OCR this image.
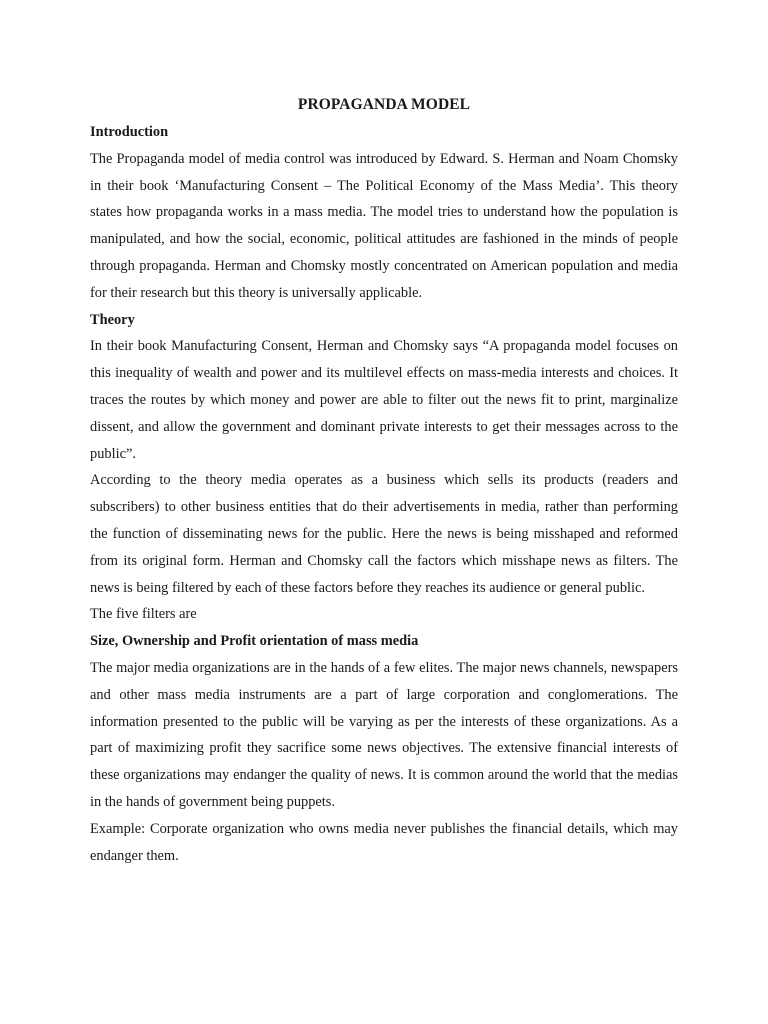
PROPAGANDA MODEL
Introduction

The Propaganda model of media control was introduced by Edward. S. Herman and Noam Chomsky in their book ‘Manufacturing Consent – The Political Economy of the Mass Media’. This theory states how propaganda works in a mass media. The model tries to understand how the population is manipulated, and how the social, economic, political attitudes are fashioned in the minds of people through propaganda. Herman and Chomsky mostly concentrated on American population and media for their research but this theory is universally applicable.

Theory

In their book Manufacturing Consent, Herman and Chomsky says “A propaganda model focuses on this inequality of wealth and power and its multilevel effects on mass-media interests and choices. It traces the routes by which money and power are able to filter out the news fit to print, marginalize dissent, and allow the government and dominant private interests to get their messages across to the public”.

According to the theory media operates as a business which sells its products (readers and subscribers) to other business entities that do their advertisements in media, rather than performing the function of disseminating news for the public. Here the news is being misshaped and reformed from its original form. Herman and Chomsky call the factors which misshape news as filters. The news is being filtered by each of these factors before they reaches its audience or general public.

The five filters are

Size, Ownership and Profit orientation of mass media

The major media organizations are in the hands of a few elites. The major news channels, newspapers and other mass media instruments are a part of large corporation and conglomerations. The information presented to the public will be varying as per the interests of these organizations. As a part of maximizing profit they sacrifice some news objectives. The extensive financial interests of these organizations may endanger the quality of news. It is common around the world that the medias in the hands of government being puppets.

Example: Corporate organization who owns media never publishes the financial details, which may endanger them.
